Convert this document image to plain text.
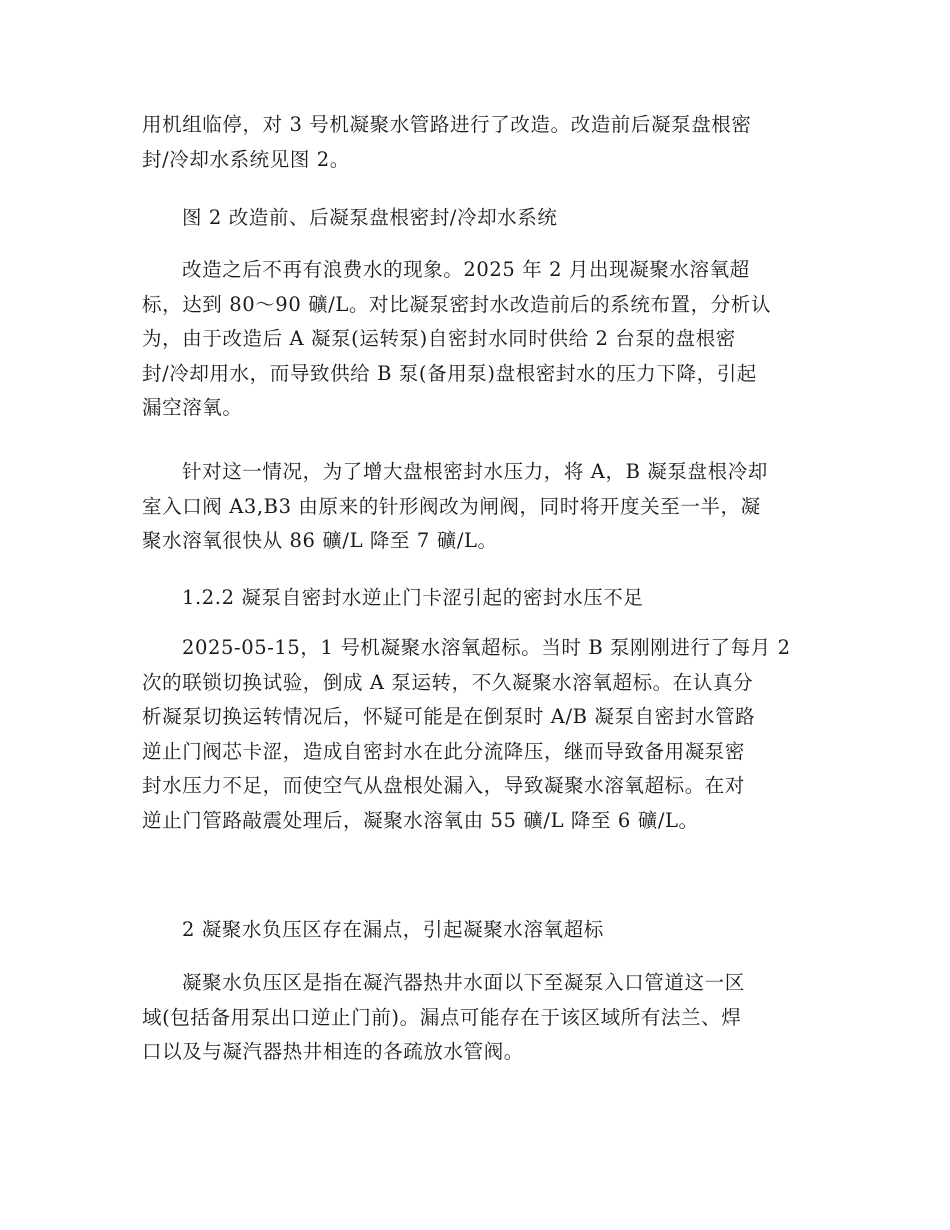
用机组临停，对 3 号机凝聚水管路进行了改造。改造前后凝泵盘根密
封/冷却水系统见图 2。
图 2 改造前、后凝泵盘根密封/冷却水系统
改造之后不再有浪费水的现象。2025 年 2 月出现凝聚水溶氧超
标，达到 80～90 礦/L。对比凝泵密封水改造前后的系统布置，分析认
为，由于改造后 A 凝泵(运转泵)自密封水同时供给 2 台泵的盘根密
封/冷却用水，而导致供给 B 泵(备用泵)盘根密封水的压力下降，引起
漏空溶氧。
针对这一情况，为了增大盘根密封水压力，将 A，B 凝泵盘根冷却
室入口阀 A3,B3 由原来的针形阀改为闸阀，同时将开度关至一半，凝
聚水溶氧很快从 86 礦/L 降至 7 礦/L。
1.2.2 凝泵自密封水逆止门卡涩引起的密封水压不足
2025-05-15，1 号机凝聚水溶氧超标。当时 B 泵刚刚进行了每月 2
次的联锁切换试验，倒成 A 泵运转，不久凝聚水溶氧超标。在认真分
析凝泵切换运转情况后，怀疑可能是在倒泵时 A/B 凝泵自密封水管路
逆止门阀芯卡涩，造成自密封水在此分流降压，继而导致备用凝泵密
封水压力不足，而使空气从盘根处漏入，导致凝聚水溶氧超标。在对
逆止门管路敲震处理后，凝聚水溶氧由 55 礦/L 降至 6 礦/L。
2 凝聚水负压区存在漏点，引起凝聚水溶氧超标
凝聚水负压区是指在凝汽器热井水面以下至凝泵入口管道这一区
域(包括备用泵出口逆止门前)。漏点可能存在于该区域所有法兰、焊
口以及与凝汽器热井相连的各疏放水管阀。
